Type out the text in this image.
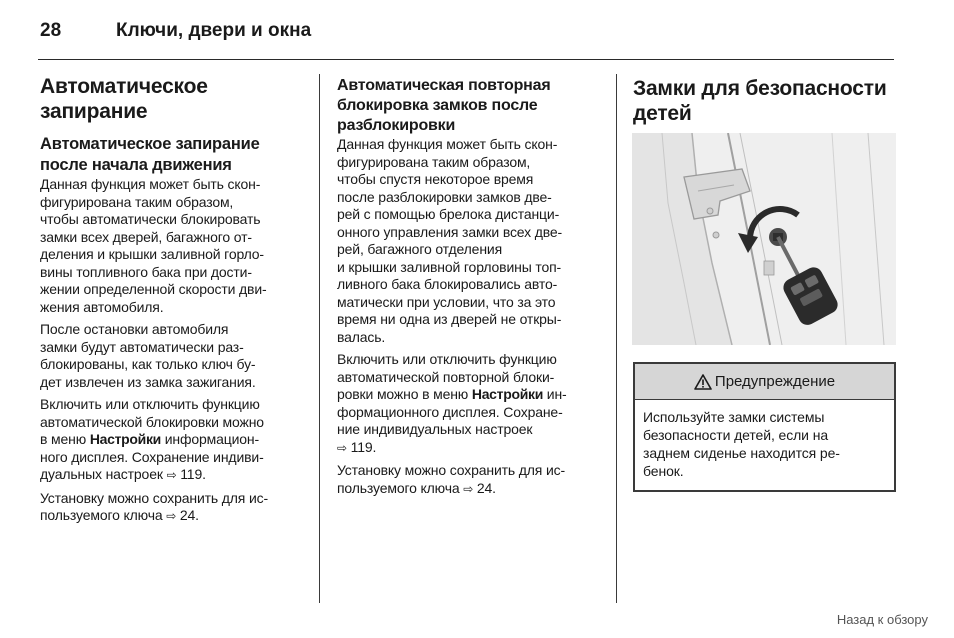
28	Ключи, двери и окна
Автоматическое
запирание
Автоматическое запирание
после начала движения

Данная функция может быть скон-
фигурирована таким образом,
чтобы автоматически блокировать
замки всех дверей, багажного от-
деления и крышки заливной горло-
вины топливного бака при дости-
жении определенной скорости дви-
жения автомобиля.

После остановки автомобиля
замки будут автоматически раз-
блокированы, как только ключ бу-
дет извлечен из замка зажигания.

Включить или отключить функцию
автоматической блокировки можно
в меню Настройки информацион-
ного дисплея. Сохранение индиви-
дуальных настроек ⇨ 119.

Установку можно сохранить для ис-
пользуемого ключа ⇨ 24.

Автоматическая повторная
блокировка замков после
разблокировки

Данная функция может быть скон-
фигурирована таким образом,
чтобы спустя некоторое время
после разблокировки замков две-
рей с помощью брелока дистанци-
онного управления замки всех две-
рей, багажного отделения
и крышки заливной горловины топ-
ливного бака блокировались авто-
матически при условии, что за это
время ни одна из дверей не откры-
валась.

Включить или отключить функцию
автоматической повторной блоки-
ровки можно в меню Настройки ин-
формационного дисплея. Сохране-
ние индивидуальных настроек
⇨ 119.

Установку можно сохранить для ис-
пользуемого ключа ⇨ 24.

Замки для безопасности
детей
Предупреждение
Используйте замки системы
безопасности детей, если на
заднем сиденье находится ре-
бенок.
Назад к обзору
